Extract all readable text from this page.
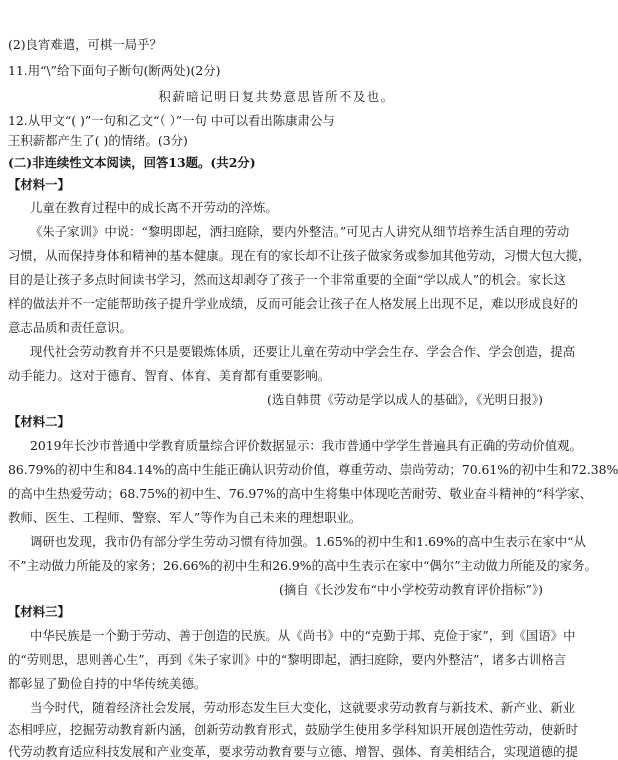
(2)良宵难遣，可棋一局乎？
11.用“\”给下面句子断句(断两处)(2分)
积薪暗记明日复共势意思皆所不及也。
12.从甲文“( )”一句和乙文“（ ）”一句 中可以看出陈康肃公与
王积薪都产生了( )的情绪。(3分)
(二)非连续性文本阅读，回答13题。(共2分)
【材料一】
儿童在教育过程中的成长离不开劳动的淬炼。
《朱子家训》中说：“黎明即起，洒扫庭除，要内外整洁。”可见古人讲究从细节培养生活自理的劳动
习惯，从而保持身体和精神的基本健康。现在有的家长却不让孩子做家务或参加其他劳动，习惯大包大揽，
目的是让孩子多点时间读书学习，然而这却剥夺了孩子一个非常重要的全面“学以成人”的机会。家长这
样的做法并不一定能帮助孩子提升学业成绩，反而可能会让孩子在人格发展上出现不足，难以形成良好的
意志品质和责任意识。
现代社会劳动教育并不只是要锻炼体质，还要让儿童在劳动中学会生存、学会合作、学会创造，提高
动手能力。这对于德育、智育、体育、美育都有重要影响。
(选自韩贯《劳动是学以成人的基础》，《光明日报》)
【材料二】
2019年长沙市普通中学教育质量综合评价数据显示：我市普通中学学生普遍具有正确的劳动价值观。
86.79%的初中生和84.14%的高中生能正确认识劳动价值，尊重劳动、崇尚劳动；70.61%的初中生和72.38%
的高中生热爱劳动；68.75%的初中生、76.97%的高中生将集中体现吃苦耐劳、敬业奋斗精神的“科学家、
教师、医生、工程师、警察、军人”等作为自己未来的理想职业。
调研也发现，我市仍有部分学生劳动习惯有待加强。1.65%的初中生和1.69%的高中生表示在家中“从
不”主动做力所能及的家务；26.66%的初中生和26.9%的高中生表示在家中“偶尔”主动做力所能及的家务。
(摘自《长沙发布“中小学校劳动教育评价指标”》)
【材料三】
中华民族是一个勤于劳动、善于创造的民族。从《尚书》中的“克勤于邦、克俭于家”，到《国语》中
的“劳则思，思则善心生”，再到《朱子家训》中的“黎明即起，洒扫庭除，要内外整洁”，诸多古训格言
都彰显了勤俭自持的中华传统美德。
当今时代，随着经济社会发展，劳动形态发生巨大变化，这就要求劳动教育与新技术、新产业、新业
态相呼应，挖掘劳动教育新内涵，创新劳动教育形式，鼓励学生使用多学科知识开展创造性劳动，使新时
代劳动教育适应科技发展和产业变革，要求劳动教育要与立德、增智、强体、育美相结合，实现道德的提
